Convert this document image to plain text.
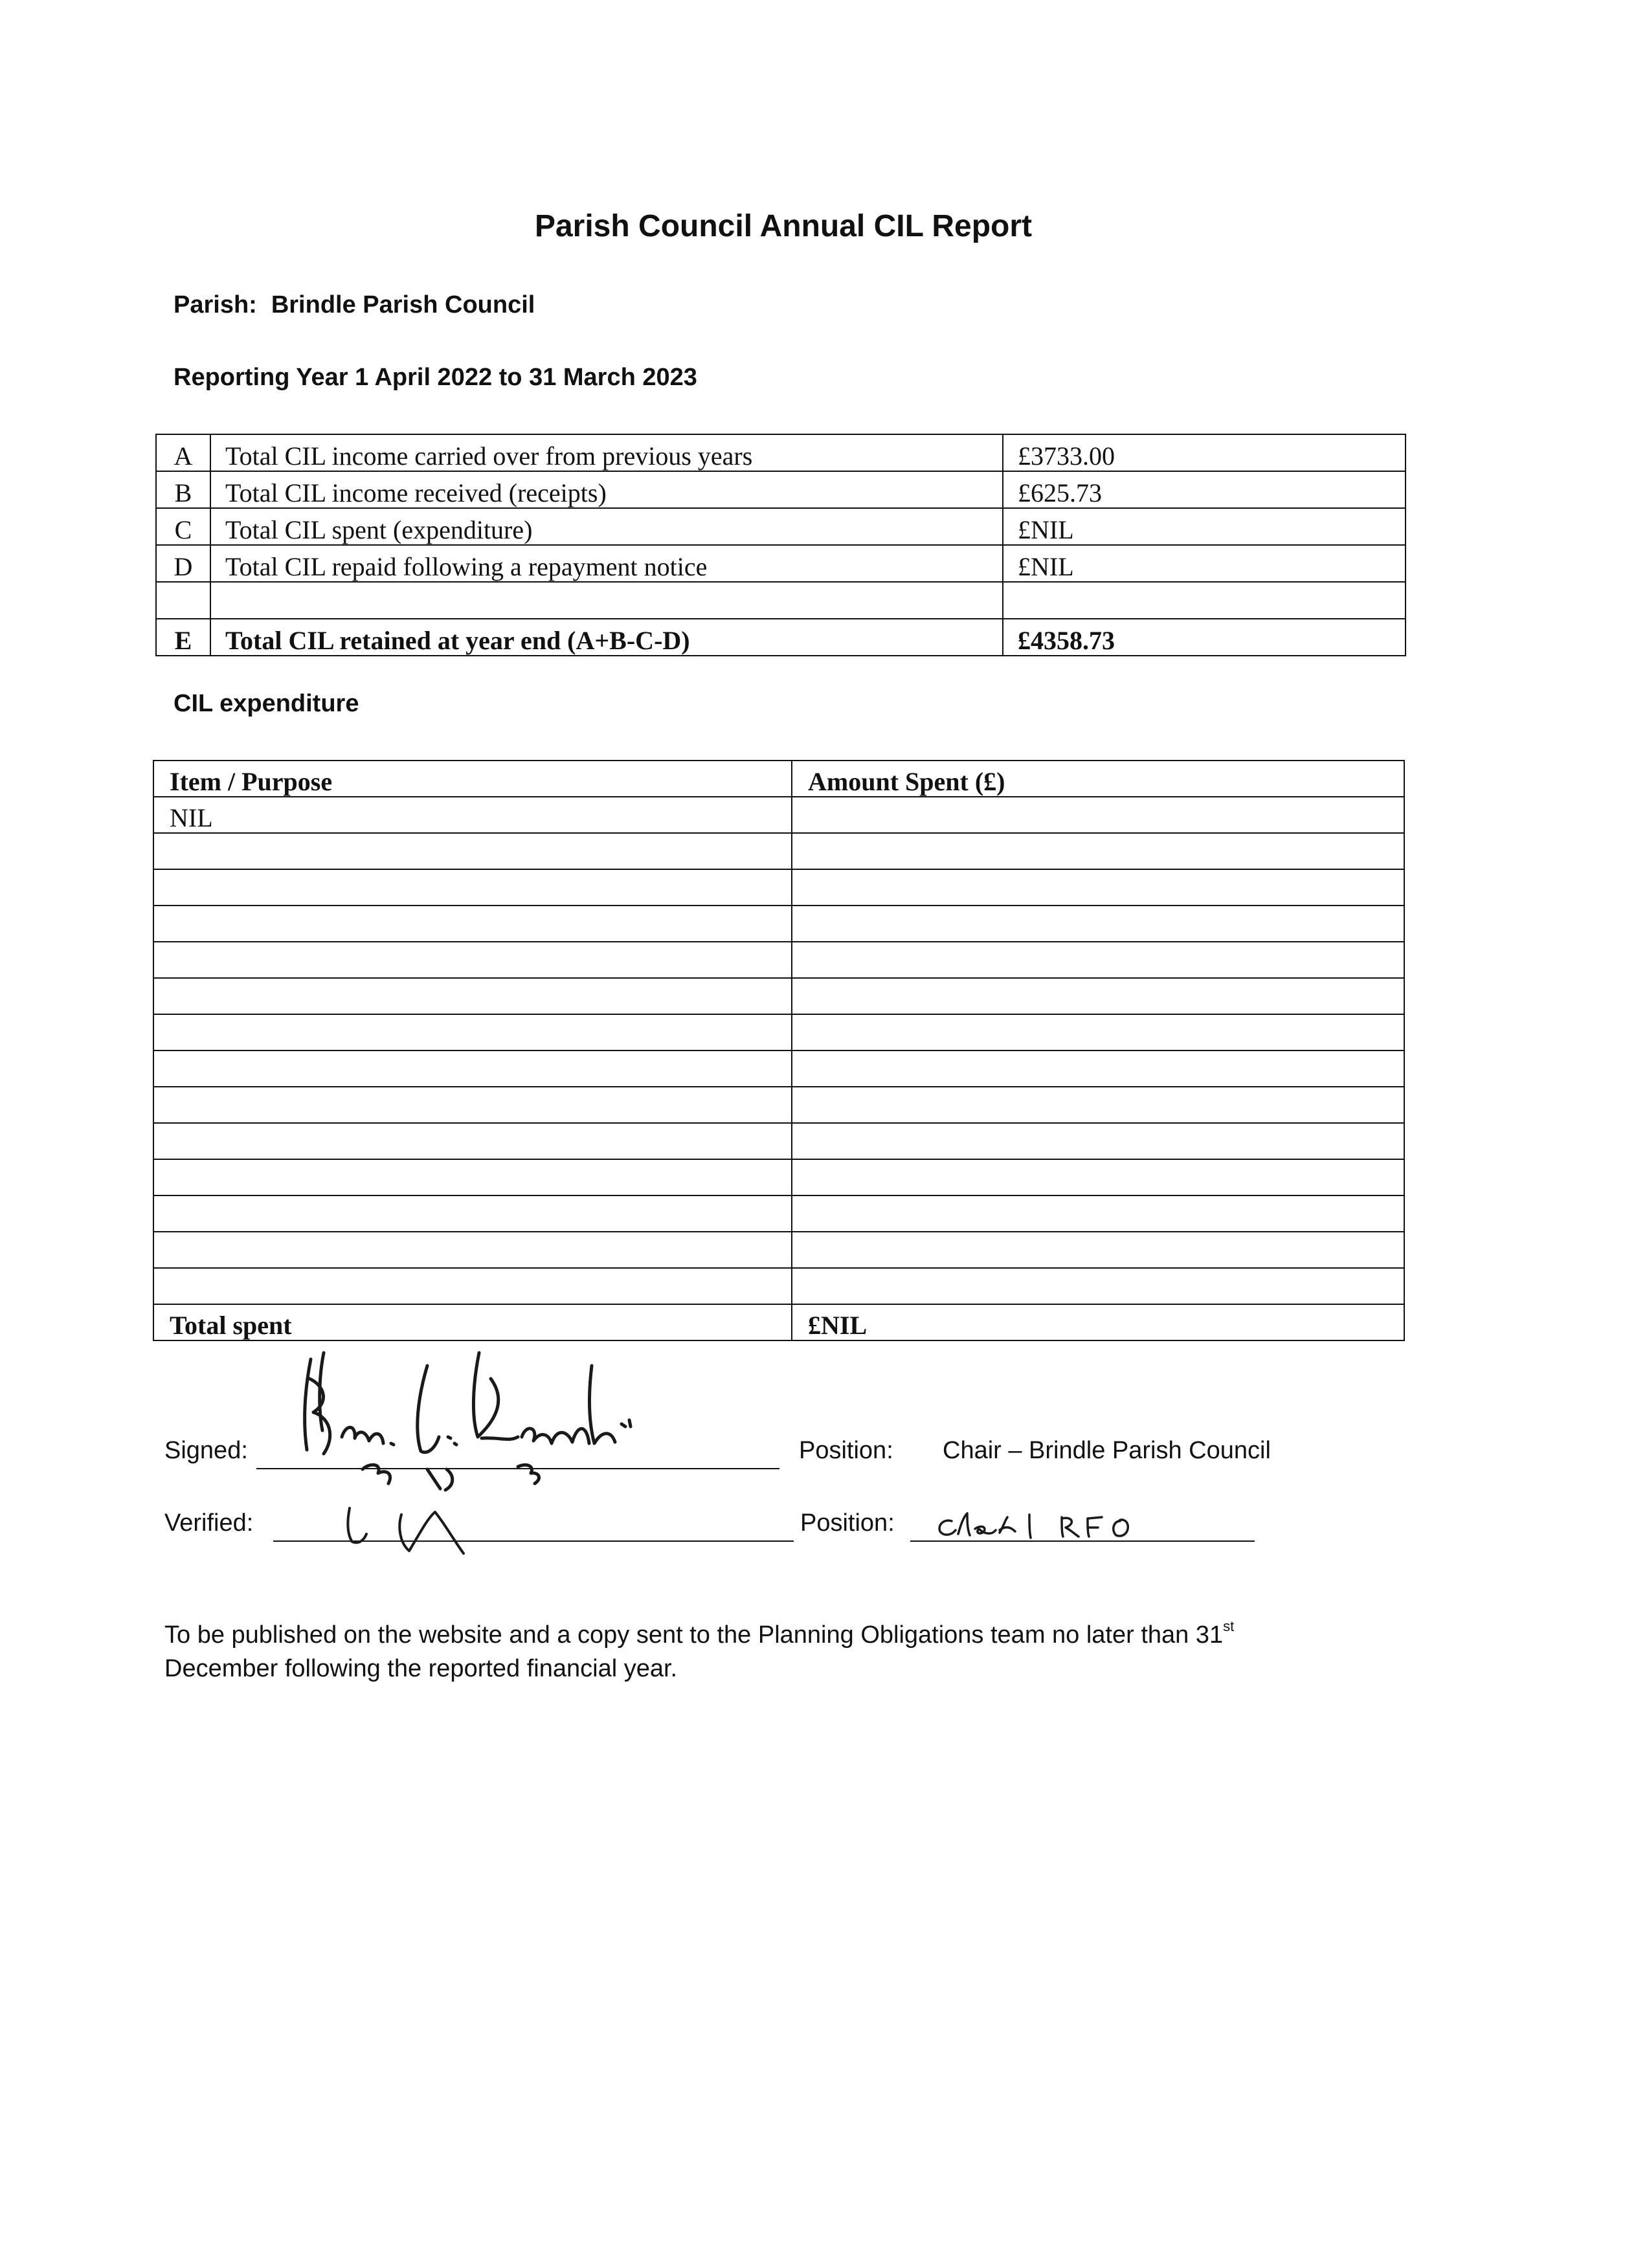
Parish Council Annual CIL Report
Parish: Brindle Parish Council
Reporting Year 1 April 2022 to 31 March 2023
A	Total CIL income carried over from previous years	£3733.00
B	Total CIL income received (receipts)	£625.73
C	Total CIL spent (expenditure)	£NIL
D	Total CIL repaid following a repayment notice	£NIL

E	Total CIL retained at year end (A+B-C-D)	£4358.73
CIL expenditure
Item / Purpose	Amount Spent (£)
NIL	

Total spent	£NIL
Signed:	Position: Chair – Brindle Parish Council
Verified:	Position:
To be published on the website and a copy sent to the Planning Obligations team no later than 31st
December following the reported financial year.
